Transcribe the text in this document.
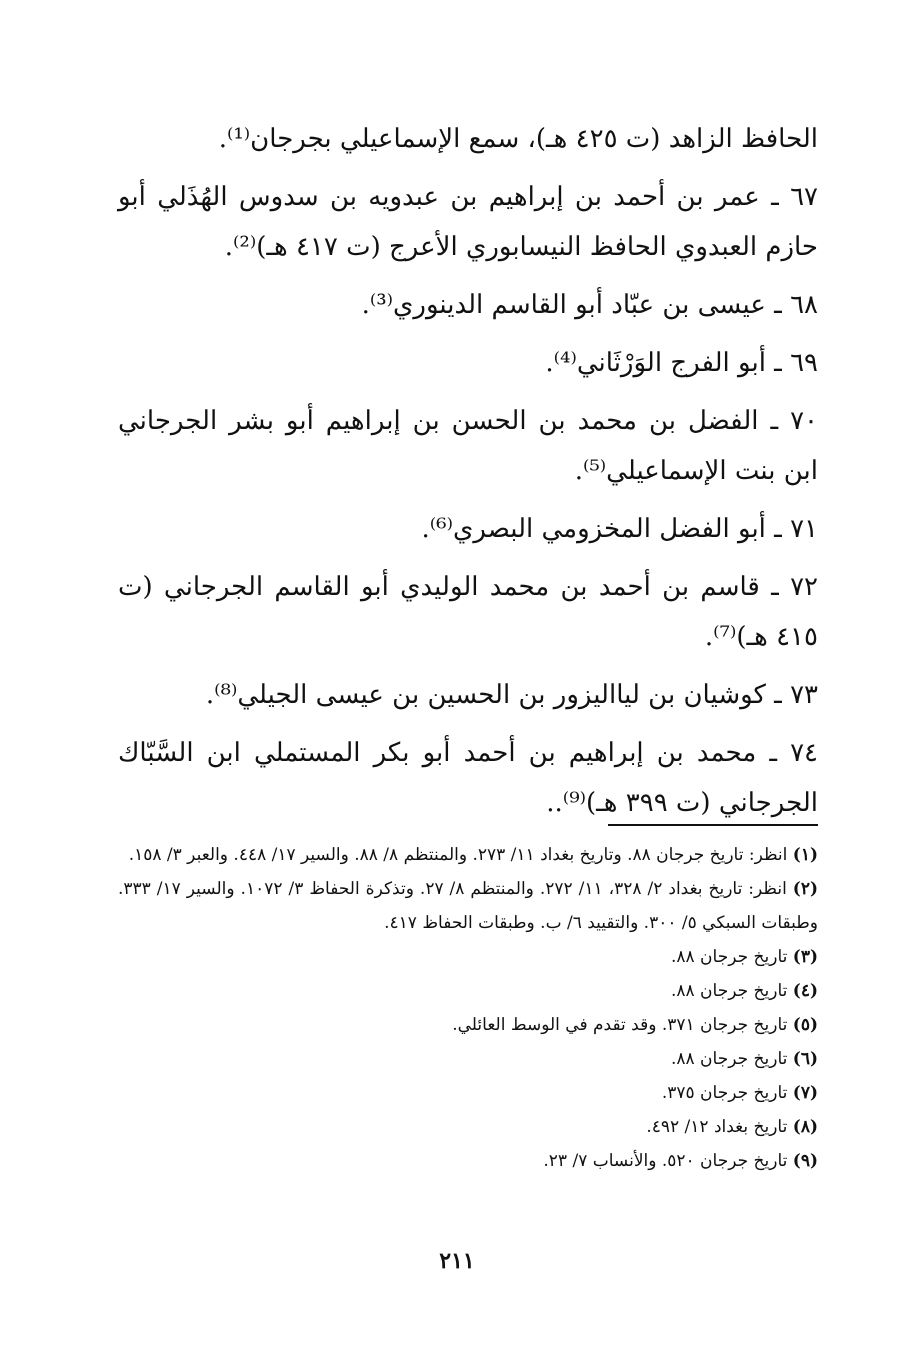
الحافظ الزاهد (ت ٤٢٥ هـ)، سمع الإسماعيلي بجرجان⁽¹⁾.

٦٧ ـ عمر بن أحمد بن إبراهيم بن عبدويه بن سدوس الهُذَلي أبو حازم العبدوي الحافظ النيسابوري الأعرج (ت ٤١٧ هـ)⁽²⁾.

٦٨ ـ عيسى بن عبّاد أبو القاسم الدينوري⁽³⁾.

٦٩ ـ أبو الفرج الوَرْثَاني⁽⁴⁾.

٧٠ ـ الفضل بن محمد بن الحسن بن إبراهيم أبو بشر الجرجاني ابن بنت الإسماعيلي⁽⁵⁾.

٧١ ـ أبو الفضل المخزومي البصري⁽⁶⁾.

٧٢ ـ قاسم بن أحمد بن محمد الوليدي أبو القاسم الجرجاني (ت ٤١٥ هـ)⁽⁷⁾.

٧٣ ـ كوشيان بن ليااليزور بن الحسين بن عيسى الجيلي⁽⁸⁾.

٧٤ ـ محمد بن إبراهيم بن أحمد أبو بكر المستملي ابن السَّبّاك الجرجاني (ت ٣٩٩ هـ)⁽⁹⁾..

(١) انظر: تاريخ جرجان ٨٨. وتاريخ بغداد ١١/ ٢٧٣. والمنتظم ٨/ ٨٨. والسير ١٧/ ٤٤٨. والعبر ٣/ ١٥٨.

(٢) انظر: تاريخ بغداد ٢/ ٣٢٨، ١١/ ٢٧٢. والمنتظم ٨/ ٢٧. وتذكرة الحفاظ ٣/ ١٠٧٢. والسير ١٧/ ٣٣٣. وطبقات السبكي ٥/ ٣٠٠. والتقييد ٦/ ب. وطبقات الحفاظ ٤١٧.

(٣) تاريخ جرجان ٨٨.

(٤) تاريخ جرجان ٨٨.

(٥) تاريخ جرجان ٣٧١. وقد تقدم في الوسط العائلي.

(٦) تاريخ جرجان ٨٨.

(٧) تاريخ جرجان ٣٧٥.

(٨) تاريخ بغداد ١٢/ ٤٩٢.

(٩) تاريخ جرجان ٥٢٠. والأنساب ٧/ ٢٣.

٢١١
